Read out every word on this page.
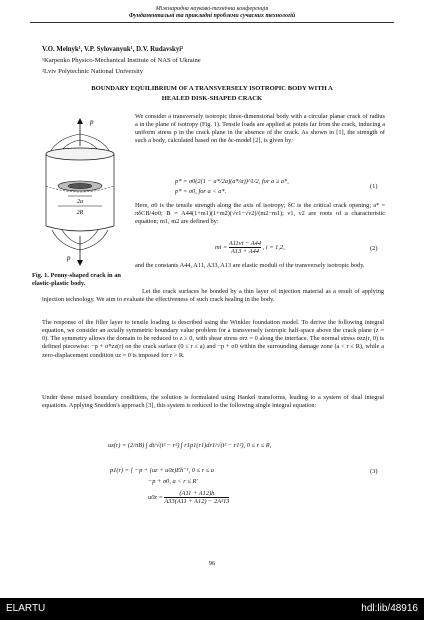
Міжнародна науково-технічна конференція
Фундаментальні та прикладні проблеми сучасних технологій
V.O. Melnyk¹, V.P. Sylovanyuk¹, D.V. Rudavskyi²
¹Karpenko Physico-Mechanical Institute of NAS of Ukraine
²Lviv Polytechnic National University
BOUNDARY EQUILIBRIUM OF A TRANSVERSELY ISOTROPIC BODY WITH A
HEALED DISK-SHAPED CRACK
2a
2R
p
p
Fig. 1. Penny-shaped crack in an elastic-plastic body.
We consider a transversely isotropic three-dimensional body with a circular planar crack of radius a in the plane of isotropy (Fig. 1). Tensile loads are applied at points far from the crack, inducing a uniform stress p in the crack plane in the absence of the crack. As shown in [1], the strength of such a body, calculated based on the δc-model [2], is given by:
p* = σ0(2(1 − a*/2a)(a*/a))^1/2, for a ≥ a*,
p* = σ0, for a < a*.
(1)
Here, σ0 is the tensile strength along the axis of isotropy; δC is the critical crack opening; a* = πδCB/4σ0; B = A44(1+m1)(1+m2)(√ν1−√ν2)/(m2−m1); ν1, ν2 are roots of a characteristic equation; m1, m2 are defined by:
mi = $\frac{A11\nu i - A44}{A13 + A44}$ , i = 1,2,	(2)
and the constants A44, A11, A33, A13 are elastic moduli of the transversely isotropic body.
Let the crack surfaces be bonded by a thin layer of injection material as a result of applying injection technology. We aim to evaluate the effectiveness of such crack healing in the body.
The response of the filler layer to tensile loading is described using the Winkler foundation model. To derive the following integral equation, we consider an axially symmetric boundary value problem for a transversely isotropic half-space above the crack plane (z = 0). The symmetry allows the domain to be reduced to z ≥ 0, with shear stress σrz = 0 along the interface. The normal stress σzz(r, 0) is defined piecewise: −p + σ*zz(r) on the crack surface (0 ≤ r ≤ a) and −p + σ0 within the surrounding damage zone (a < r ≤ R), while a zero-displacement condition uz = 0 is imposed for r > R.
Under these mixed boundary conditions, the solution is formulated using Hankel transforms, leading to a system of dual integral equations. Applying Sneddon's approach [3], this system is reduced to the following single integral equation:
uz(r) = (2/πB) ∫ dt/√(t² − r²) ∫ r1p1(r1)dr1/√(t² − r1²), 0 ≤ r ≤ R,
p1(r) = { −p + (uz + u0z)Eh⁻¹, 0 ≤ r ≤ a
−p + σ0, a < r ≤ R′
$u0z = \frac{(A11 + A12)h}{\text{A33(A11 + A12) − 2A²13}}$
(3)
96
ELARTU	hdl:lib/48916
